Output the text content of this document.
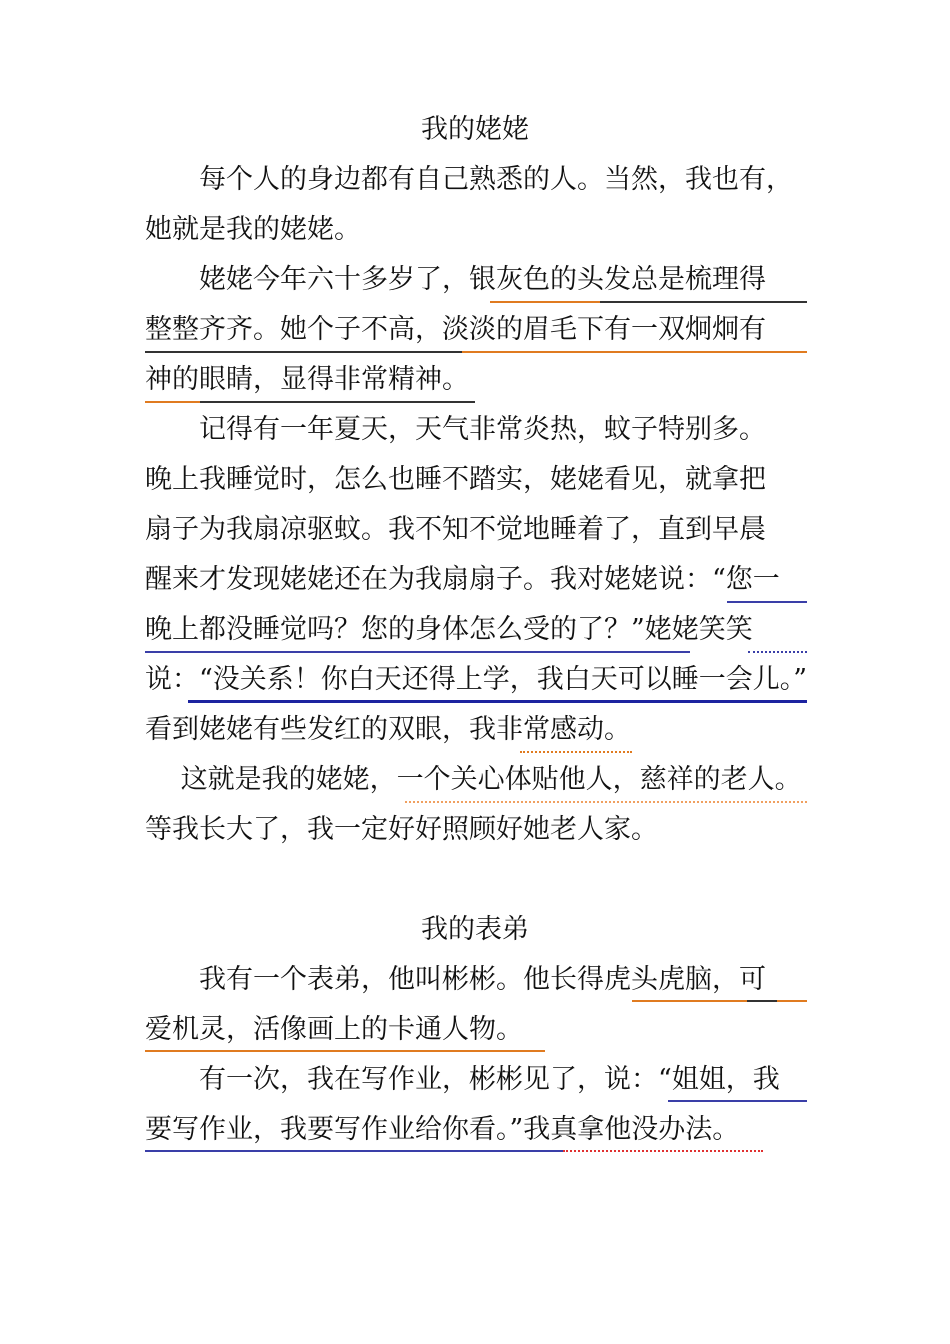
我的姥姥
　　每个人的身边都有自己熟悉的人。当然，我也有，
她就是我的姥姥。
　　姥姥今年六十多岁了，银灰色的头发总是梳理得
整整齐齐。她个子不高，淡淡的眉毛下有一双炯炯有
神的眼睛，显得非常精神。
　　记得有一年夏天，天气非常炎热，蚊子特别多。
晚上我睡觉时，怎么也睡不踏实，姥姥看见，就拿把
扇子为我扇凉驱蚊。我不知不觉地睡着了，直到早晨
醒来才发现姥姥还在为我扇扇子。我对姥姥说：“您一
晚上都没睡觉吗？您的身体怎么受的了？”姥姥笑笑
说：“没关系！你白天还得上学，我白天可以睡一会儿。”
看到姥姥有些发红的双眼，我非常感动。
　 这就是我的姥姥，一个关心体贴他人，慈祥的老人。
等我长大了，我一定好好照顾好她老人家。
我的表弟
　　我有一个表弟，他叫彬彬。他长得虎头虎脑，可
爱机灵，活像画上的卡通人物。
　　有一次，我在写作业，彬彬见了，说：“姐姐，我
要写作业，我要写作业给你看。”我真拿他没办法。
